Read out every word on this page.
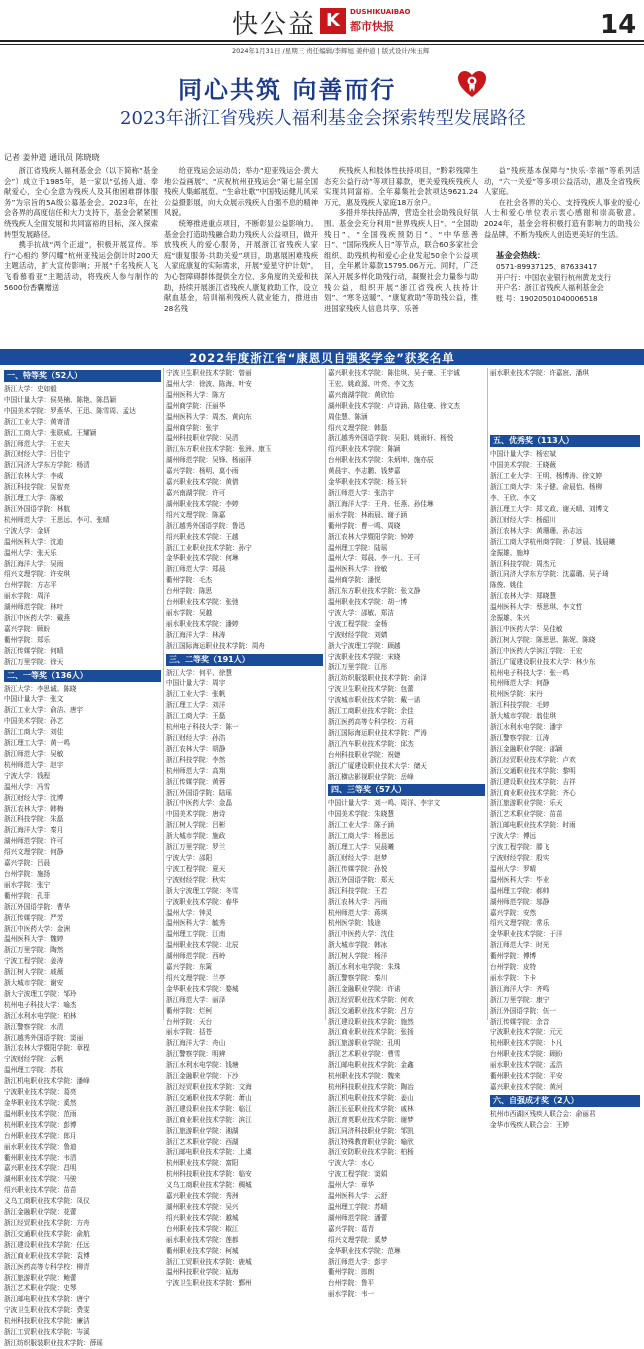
快公益 K	DUSHIKUAIBAO
都市快报	14
2024年1月31日 /星期三 责任编辑/李辉旭 姜仲道 | 版式设计/朱玉辉
同心共筑 向善而行
2023年浙江省残疾人福利基金会探索转型发展路径
记者 姜仲道 通讯员 陈晓晓

浙江省残疾人福利基金会（以下简称“基金会”）成立于1985年，是一家以“弘扬人道、奉献爱心，全心全意为残疾人及其他困难群体服务”为宗旨的5A级公募基金会。2023年，在社会各界的高度信任和大力支持下，基金会紧紧围绕残疾人全面发展和共同富裕的目标，深入探索转型发展路径。

携手抗战“两个正道”，积极开展宣传。举行“心相约 梦闪耀”杭州亚残运会倒计时200天主题活动，扩大宣传影响；开展“千名残疾人飞飞看慕看亚”主题活动，将残疾人参与制作的5600份香囊赠送

给亚残运会运动员；举办“迎亚残运会·黄大地公益画展”、“庆祝杭州亚残运会”第七届全国残疾人集邮展览、“生命壮歌”中国残运健儿风采公益摄影展，向大众展示残疾人自强不息的精神风貌。

统筹推进重点项目，不断彰显公益影响力。基金会打造助残融合助力残疾人公益项目，做开放残疾人的爱心服务，开展浙江省残疾人家庭“康复服务·共助关爱”项目，助惠展困难残疾人家庭康复的实际需求，开展“爱星守护计划”，为心智障碍群体提供全方位、多角度的关爱和扶助，持续开展浙江省残疾人康复救助工作，设立献血基金，培训福利残疾人就业能力，推进由28名残

疾残疾人和肢体性扶持项目，“黔彩残障生态充公益行动”等项目募款，更关爱残疾残疾人实现共同富裕。全年募集社会款项达9621.24万元，惠及残疾人家庭18万余户。

多措并举扶持品牌，营造全社会助残良好氛围。基金会充分利用“世界残疾人日”、“全国助残日”、“全国残疾预防日”、“中华慈善日”、“国际残疾人日”等节点，联合60多家社会组织、助残机构和爱心企业发起50余个公益项目，全年累计募款15795.06万元。同时，广泛深入开展多样化助残行动，凝聚社会力量参与助残公益，组织开展“浙江省残疾人扶持计划”、“寒冬送暖”、“康复救助”等助残公益，推进国家残疾人信息共享、乐善

益”残疾基本保障与“快乐·幸福”等系列活动，“六一关爱”等多项公益活动，惠及全省残疾人家庭。

在社会各界的关心、支持残疾人事业的爱心人士和爱心单位表示衷心感谢和崇高敬意。2024年，基金会将积极打造有影响力的助残公益品牌，不断为残疾人创造更美好的生活。

基金会热线：
0571-89937125、87633417
开户行：中国农业银行杭州黄龙支行
开户名：浙江省残疾人福利基金会
账 号：19020501040006518
2022年度浙江省“康恩贝自强奖学金”获奖名单
一、特等奖（52人）
浙江大学：史如毅
中国计量大学：侯昊楠、陈艳、陈昌颖
中国美术学院：罗燕华、王迅、陈雪周、孟达
浙江工业大学：黄寄清
浙江工商大学：张联威、王耀颖
浙江师范大学：王宏夫
浙江财经大学：吕佳宁
浙江同济大学东方学院：杨清
浙江农林大学：李威
浙江科技学院：吴智亮
浙江理工大学：陈敏
浙江外国语学院：林航
杭州师范大学：王思远、李可、张晴
宁波大学：金妍
温州医科大学：沈迪
温州大学：张天乐
浙江海洋大学：吴雨
绍兴文理学院：许安琪
台州学院：方志平
丽水学院：周洋
湖州师范学院：林叶
浙江中医药大学：戴燕
嘉兴学院：顾盼
衢州学院：郑乐
浙江传媒学院：何晴
浙江万里学院：徐天
二、一等奖（136人）
浙江大学：李思诚、陈晓
中国计量大学：张文
浙江工业大学：俞洁、唐宇
中国美术学院：孙艺
浙江工商大学：刘佳
浙江理工大学：黄一鸣
浙江师范大学：吴敏
杭州师范大学：赵宇
宁波大学：钱程
温州大学：冯雪
浙江财经大学：沈博
浙江农林大学：韩梅
浙江科技学院：朱磊
浙江海洋大学：秦月
湖州师范学院：许可
绍兴文理学院：何静
嘉兴学院：吕晨
台州学院：施扬
丽水学院：张宁
衢州学院：孔菲
浙江外国语学院：曹华
浙江传媒学院：严芳
浙江中医药大学：金洲
温州医科大学：魏婷
浙江万里学院：陶然
宁波工程学院：姜涛
浙江树人学院：戚薇
浙大城市学院：谢安
浙大宁波理工学院：邹玲
杭州电子科技大学：喻杰
浙江水利水电学院：柏林
浙江警察学院：水清
浙江越秀外国语学院：窦丽
浙江农林大学暨阳学院：章程
宁波财经学院：云帆
温州理工学院：苏杭
浙江机电职业技术学院：潘峰
宁波职业技术学院：葛亮
金华职业技术学院：奚然
温州职业技术学院：范雨
杭州职业技术学院：彭博
台州职业技术学院：郎月
丽水职业技术学院：鲁迪
衢州职业技术学院：韦清
嘉兴职业技术学院：昌明
湖州职业技术学院：马骏
绍兴职业技术学院：苗苗
义乌工商职业技术学院：凤仪
浙江金融职业学院：花蕾
浙江经贸职业技术学院：方舟
浙江交通职业技术学院：俞航
浙江建设职业技术学院：任远
浙江商业职业技术学院：袁博
浙江医药高等专科学校：柳青
浙江旅游职业学院：鲍蕾
浙江艺术职业学院：史琴
浙江邮电职业技术学院：唐宁
宁波卫生职业技术学院：费雯
杭州科技职业技术学院：廉洁
浙江工贸职业技术学院：岑溪
浙江纺织服装职业技术学院：薛瑶
宁波卫生职业技术学院：曾丽
温州大学：徐波、陈海、叶安
温州医科大学：陈方
温州商学院：汪丽华
温州医科大学：周杰、黄向东
温州商学院：张宇
温州科技职业学院：吴清
浙江东方职业技术学院：张洲、康玉
湖州师范学院：吴锋、杨丽萍
嘉兴学院：杨明、莫小雨
嘉兴职业技术学院：黄倩
嘉兴南湖学院：许可
湖州职业技术学院：李婷
绍兴文理学院：陈嘉
浙江越秀外国语学院：鲁迅
绍兴职业技术学院：王越
浙江工业职业技术学院：孙宁
金华职业技术学院：何琳
浙江师范大学：郑晨
衢州学院：毛杰
台州学院：陈思
台州职业技术学院：张弛
丽水学院：吴越
丽水职业技术学院：潘婷
浙江海洋大学：林涛
浙江国际海运职业技术学院：周舟
三、二等奖（191人）
浙江大学：何平、徐慧
中国计量大学：周宇
浙江工业大学：张帆
浙江理工大学：刘洋
浙江工商大学：王磊
杭州电子科技大学：陈一
浙江财经大学：孙浩
浙江农林大学：胡静
浙江科技学院：李然
杭州师范大学：高翔
浙江传媒学院：黄蓉
浙江外国语学院：陆瑶
浙江中医药大学：金晶
中国美术学院：唐诗
浙江树人学院：吕彬
浙大城市学院：施政
浙江万里学院：罗兰
宁波大学：邵阳
宁波工程学院：夏天
宁波财经学院：秋实
浙大宁波理工学院：冬雪
宁波职业技术学院：春华
温州大学：钟灵
温州医科大学：毓秀
温州理工学院：江南
温州职业技术学院：北辰
湖州师范学院：西岭
嘉兴学院：东篱
绍兴文理学院：兰亭
金华职业技术学院：婺城
浙江师范大学：丽泽
衢州学院：烂柯
台州学院：天台
丽水学院：括苍
浙江海洋大学：舟山
浙江警察学院：明辨
浙江水利水电学院：钱塘
浙江金融职业学院：下沙
浙江经贸职业技术学院：文海
浙江交通职业技术学院：萧山
浙江建设职业技术学院：临江
浙江商业职业技术学院：滨江
浙江旅游职业学院：湘湖
浙江艺术职业学院：西湖
浙江邮电职业技术学院：上虞
杭州职业技术学院：富阳
杭州科技职业技术学院：临安
义乌工商职业技术学院：稠城
嘉兴职业技术学院：秀洲
湖州职业技术学院：吴兴
绍兴职业技术学院：越城
台州职业技术学院：椒江
丽水职业技术学院：莲都
衢州职业技术学院：柯城
浙江工贸职业技术学院：鹿城
温州科技职业学院：瓯海
宁波卫生职业技术学院：鄞州
嘉兴职业技术学院：陈佳琪、吴子豪、王宇诚
王宏、姚政源、叶亮、李文杰
嘉兴南湖学院：黄欣怡
湖州职业技术学院：卢诗涵、陈佳豪、徐文杰
周佳慧、陈涵
绍兴文理学院：韩磊
浙江越秀外国语学院：吴阳、姚雨轩、杨悦
绍兴职业技术学院：陈颖
台州职业技术学院：朱炳坤、施亦辰
黄晨宇、李志鹏、钱梦嘉
金华职业技术学院：杨玉轩
浙江师范大学：张浩宇
浙江海洋大学：王舟、任燕、孙佳琳
丽水学院：林雨晨、谢子涵
衢州学院：曹一鸣、周晓
浙江农林大学暨阳学院：钟婷
温州理工学院：陆瑶
温州大学：郑晨、李一凡、王可
温州医科大学：徐敏
温州商学院：潘悦
浙江东方职业技术学院：张文静
温州职业技术学院：胡一博
宁波大学：邵敏、郑洁
宁波工程学院：金杨
宁波财经学院：刘婧
浙大宁波理工学院：顾越
宁波职业技术学院：宋晓
浙江万里学院：江彤
浙江纺织服装职业技术学院：俞泽
宁波卫生职业技术学院：包蕾
宁波城市职业技术学院：戴一诺
浙江工商职业技术学院：余佳
浙江医药高等专科学校：方莉
浙江国际海运职业技术学院：严涛
浙江汽车职业技术学院：邱杰
台州科技职业学院：祝婕
浙江广厦建设职业技术大学：储天
浙江横店影视职业学院：岳峰
四、三等奖（57人）
中国计量大学：刘一鸣、周洋、李宇文
中国美术学院：朱晓慧
浙江工业大学：陈子涵
浙江工商大学：杨思远
浙江理工大学：吴晨曦
浙江财经大学：赵梦
浙江传媒学院：孙悦
浙江外国语学院：郑天
浙江科技学院：王若
浙江农林大学：冯雨
杭州师范大学：蒋琪
杭州医学院：钱途
浙江中医药大学：沈佳
浙大城市学院：韩冰
浙江树人学院：杨洋
浙江水利水电学院：朱珠
浙江警察学院：秦川
浙江金融职业学院：许诺
浙江经贸职业技术学院：何欢
浙江交通职业技术学院：吕方
浙江建设职业技术学院：施然
浙江商业职业技术学院：张扬
浙江旅游职业学院：孔明
浙江艺术职业学院：曹雪
浙江邮电职业技术学院：金鑫
杭州职业技术学院：魏来
杭州科技职业技术学院：陶冶
浙江机电职业技术学院：姜山
浙江长征职业技术学院：戚林
浙江育英职业技术学院：谢梦
浙江同济科技职业学院：邹凯
浙江特殊教育职业学院：喻欣
浙江安防职业技术学院：柏杨
宁波大学：水心
宁波工程学院：窦娟
温州大学：章华
温州医科大学：云舒
温州理工学院：苏晴
湖州师范学院：潘蕾
嘉兴学院：葛青
绍兴文理学院：奚梦
金华职业技术学院：范琳
浙江师范大学：彭宇
衢州学院：郎朗
台州学院：鲁平
丽水学院：韦一
丽水职业技术学院：许嘉宸、潘琪

五、优秀奖（113人）
中国计量大学：杨宏斌
中国美术学院：王晓薇
浙江工业大学：王明、杨博涛、徐文婷
浙江工商大学：朱子健、俞晨怡、杨柳
李、王欣、李文
浙江理工大学：郑文政、谢天晴、刘博文
浙江财经大学：杨韶川
浙江农林大学：黄珊珊、孙志远
浙江工商大学杭州商学院：丁梦晨、钱晨曦
金振雄、施坤
浙江科技学院：周杰元
浙江同济大学东方学院：沈嘉璐、吴子琦
陈俊、姚佳
浙江农林大学：郑晓慧
温州医科大学：蔡思琪、李文哲
余振雄、朱兴
浙江中医药大学：吴佳敏
浙江树人学院：陈思思、陈妮、陈晓
浙江中医药大学滨江学院：王宏
浙江广厦建设职业技术大学：林少东
杭州电子科技大学：张一鸣
杭州师范大学：何静
杭州医学院：宋丹
浙江科技学院：毛婷
浙大城市学院：翁佳琪
浙江水利水电学院：潘宇
浙江警察学院：江涛
浙江金融职业学院：邵颖
浙江经贸职业技术学院：卢欢
浙江交通职业技术学院：黎明
浙江建设职业技术学院：吉祥
浙江商业职业技术学院：齐心
浙江旅游职业学院：乐天
浙江艺术职业学院：苗苗
浙江邮电职业技术学院：时雨
宁波大学：傅远
宁波工程学院：滕飞
宁波财经学院：殷实
温州大学：罗晴
温州医科大学：毕业
温州理工学院：郝帅
湖州师范学院：邬静
嘉兴学院：安然
绍兴文理学院：常乐
金华职业技术学院：于洋
浙江师范大学：时光
衢州学院：傅博
台州学院：皮特
丽水学院：卞卡
浙江海洋大学：齐鸣
浙江万里学院：康宁
浙江外国语学院：伍一
浙江传媒学院：余音
宁波职业技术学院：元元
杭州职业技术学院：卜凡
台州职业技术学院：顾盼
丽水职业技术学院：孟浩
衢州职业技术学院：平安
嘉兴职业技术学院：黄河
六、自强成才奖（2人）
杭州市西湖区残疾人联合会：俞丽君
金华市残疾人联合会：王婷
